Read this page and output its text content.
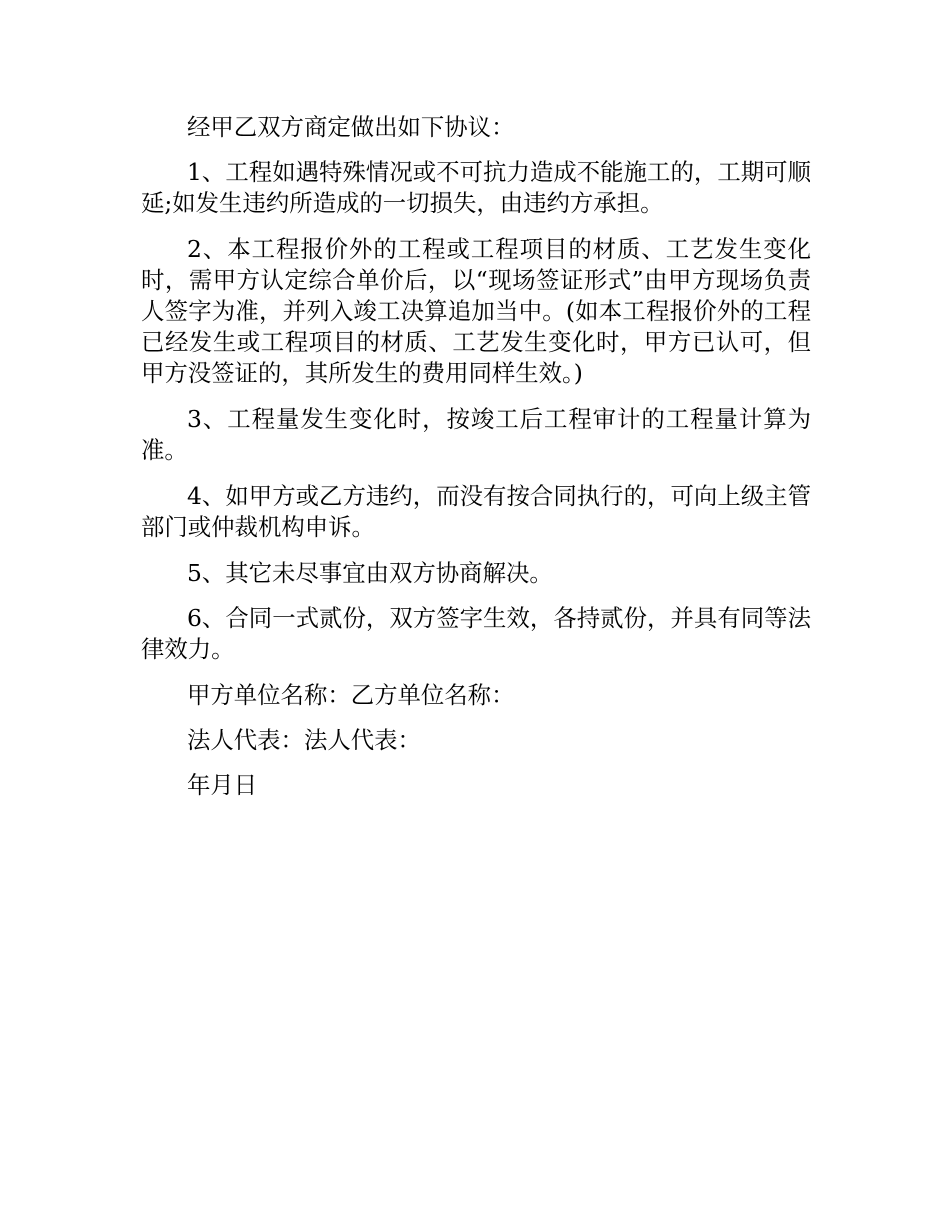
经甲乙双方商定做出如下协议：

1、工程如遇特殊情况或不可抗力造成不能施工的，工期可顺延;如发生违约所造成的一切损失，由违约方承担。

2、本工程报价外的工程或工程项目的材质、工艺发生变化时，需甲方认定综合单价后，以“现场签证形式”由甲方现场负责人签字为准，并列入竣工决算追加当中。(如本工程报价外的工程已经发生或工程项目的材质、工艺发生变化时，甲方已认可，但甲方没签证的，其所发生的费用同样生效。)

3、工程量发生变化时，按竣工后工程审计的工程量计算为准。

4、如甲方或乙方违约，而没有按合同执行的，可向上级主管部门或仲裁机构申诉。

5、其它未尽事宜由双方协商解决。

6、合同一式贰份，双方签字生效，各持贰份，并具有同等法律效力。

甲方单位名称：乙方单位名称：

法人代表：法人代表：

年月日
